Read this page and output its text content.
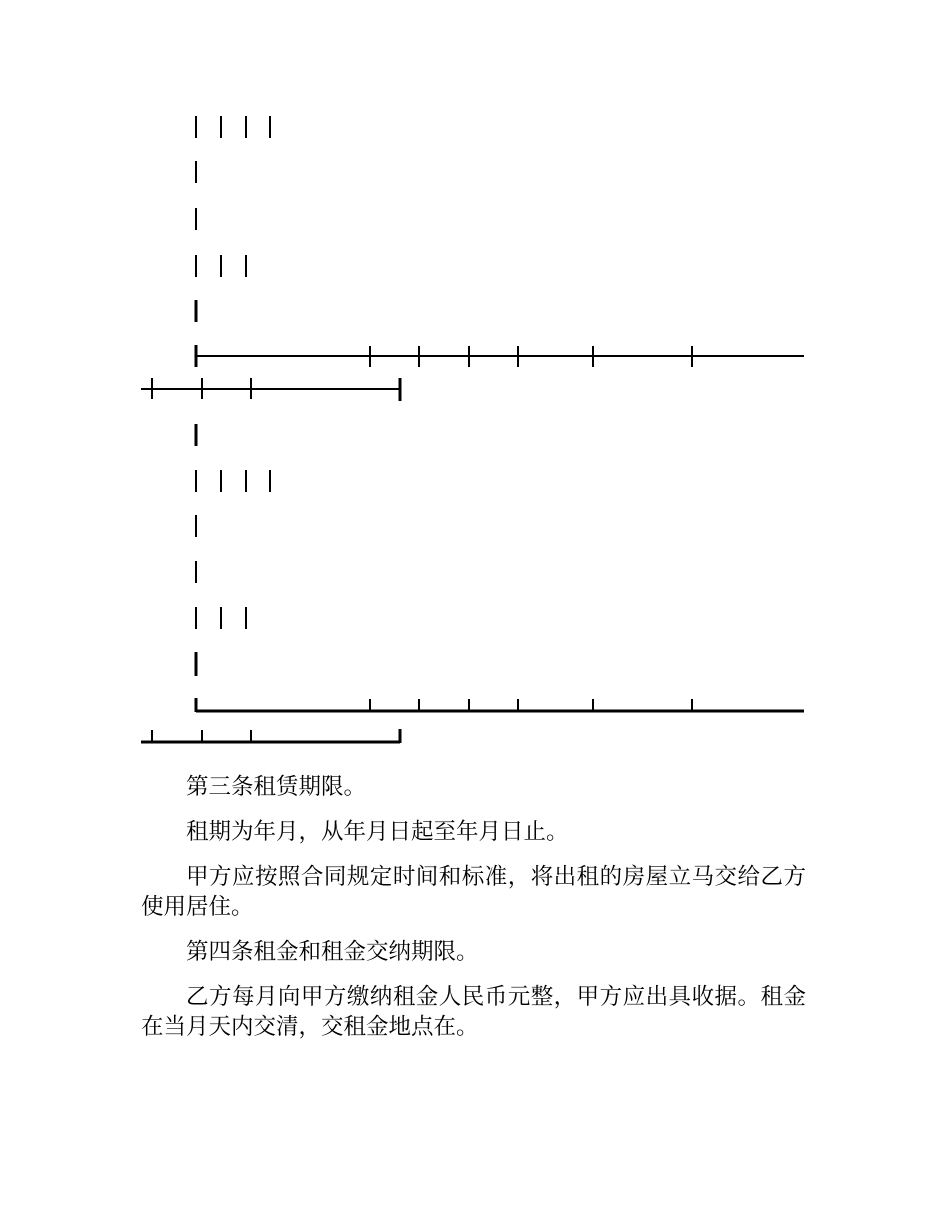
第三条租赁期限。

租期为年月，从年月日起至年月日止。

甲方应按照合同规定时间和标准，将出租的房屋立马交给乙方使用居住。

第四条租金和租金交纳期限。

乙方每月向甲方缴纳租金人民币元整，甲方应出具收据。租金在当月天内交清，交租金地点在。
